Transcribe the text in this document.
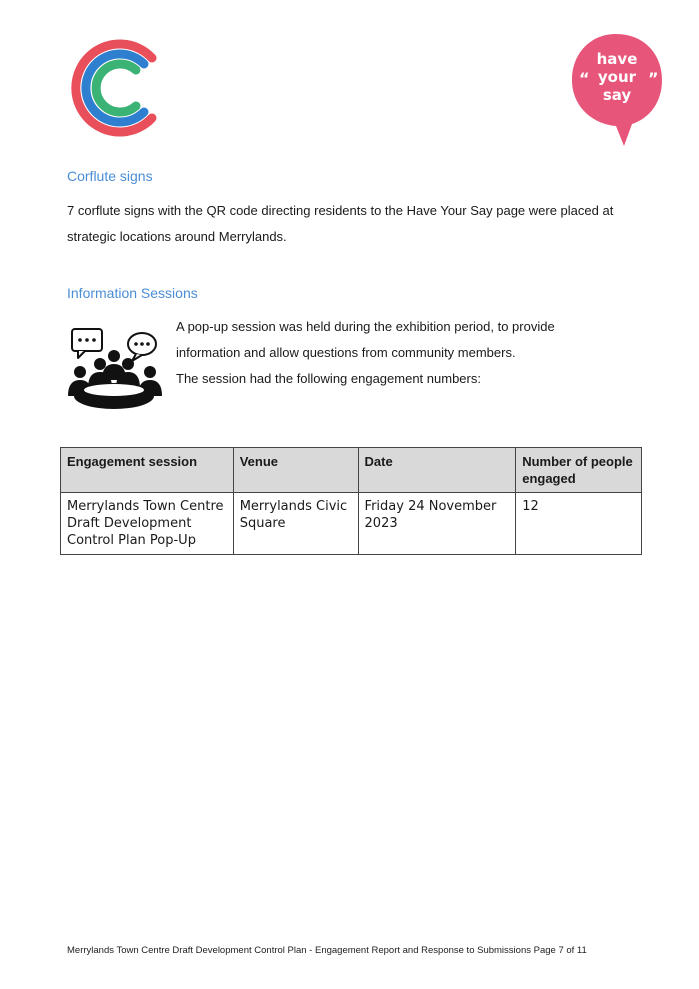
have
your
say
“	”
Corflute signs
7 corflute signs with the QR code directing residents to the Have Your Say page were placed at
strategic locations around Merrylands.
Information Sessions
A pop-up session was held during the exhibition period, to provide
information and allow questions from community members.
The session had the following engagement numbers:
Engagement session	Venue	Date	Number of people engaged
Merrylands Town Centre Draft Development Control Plan Pop-Up	Merrylands Civic Square	Friday 24 November 2023	12
Merrylands Town Centre Draft Development Control Plan - Engagement Report and Response to Submissions Page 7 of 11
